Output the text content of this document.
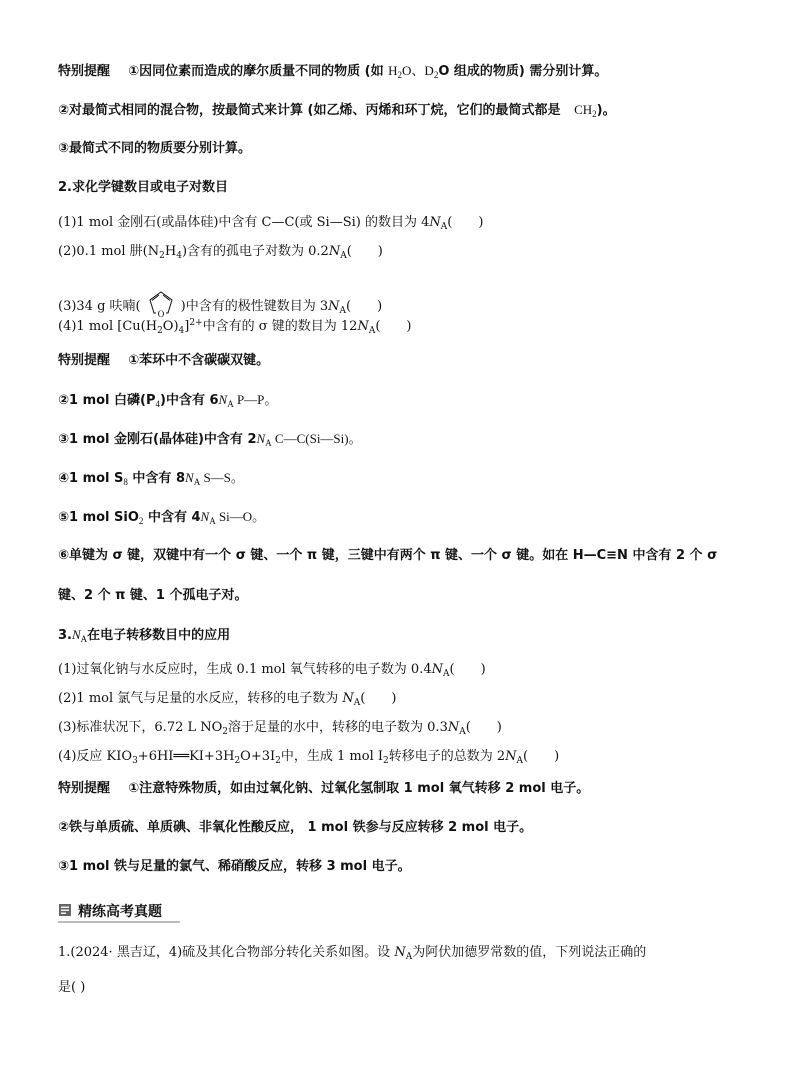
特别提醒 ①因同位素而造成的摩尔质量不同的物质 (如 $H_2O$、$D_2O$ 组成的物质) 需分别计算。
②对最简式相同的混合物，按最简式来计算 (如乙烯、丙烯和环丁烷，它们的最简式都是 $CH_2$)。
③最简式不同的物质要分别计算。
2.求化学键数目或电子对数目
(1)1 mol 金刚石(或晶体硅)中含有 C—C(或 Si—Si) 的数目为 $4N_A$( )
(2)0.1 mol 肼$(N_2H_4)$含有的孤电子对数为 $0.2N_A$( )
(3)34 g 呋喃( O )中含有的极性键数目为 $3N_A$( )
(4)1 mol $[Cu(H_2O)_4]^{2+}$中含有的 σ 键的数目为 $12N_A$( )
特别提醒 ①苯环中不含碳碳双键。
②1 mol 白磷$(P_4)$中含有 $6N_A$ P—P。
③1 mol 金刚石(晶体硅)中含有 $2N_A$ C—C(Si—Si)。
④1 mol $S_8$ 中含有 $8N_A$ S—S。
⑤1 mol SiO$_2$ 中含有 $4N_A$ Si—O。
⑥单键为 σ 键，双键中有一个 σ 键、一个 π 键，三键中有两个 π 键、一个 σ 键。如在 H—C≡N 中含有 2 个 σ
键、2 个 π 键、1 个孤电子对。
$3.N_A$在电子转移数目中的应用
(1)过氧化钠与水反应时，生成 0.1 mol 氧气转移的电子数为 $0.4N_A$( )
(2)1 mol 氯气与足量的水反应，转移的电子数为 $N_A$( )
(3)标准状况下，6.72 L $NO_2$溶于足量的水中，转移的电子数为 $0.3N_A$( )
(4)反应 $KIO_3+6HI══KI+3H_2O+3I_2$中，生成 1 mol $I_2$转移电子的总数为 $2N_A$( )
特别提醒 ①注意特殊物质，如由过氧化钠、过氧化氢制取 1 mol 氧气转移 2 mol 电子。
②铁与单质硫、单质碘、非氧化性酸反应， 1 mol 铁参与反应转移 2 mol 电子。
③1 mol 铁与足量的氯气、稀硝酸反应，转移 3 mol 电子。
精练高考真题
1.(2024· 黑吉辽，4)硫及其化合物部分转化关系如图。设 $N_A$为阿伏加德罗常数的值，下列说法正确的
是( )
